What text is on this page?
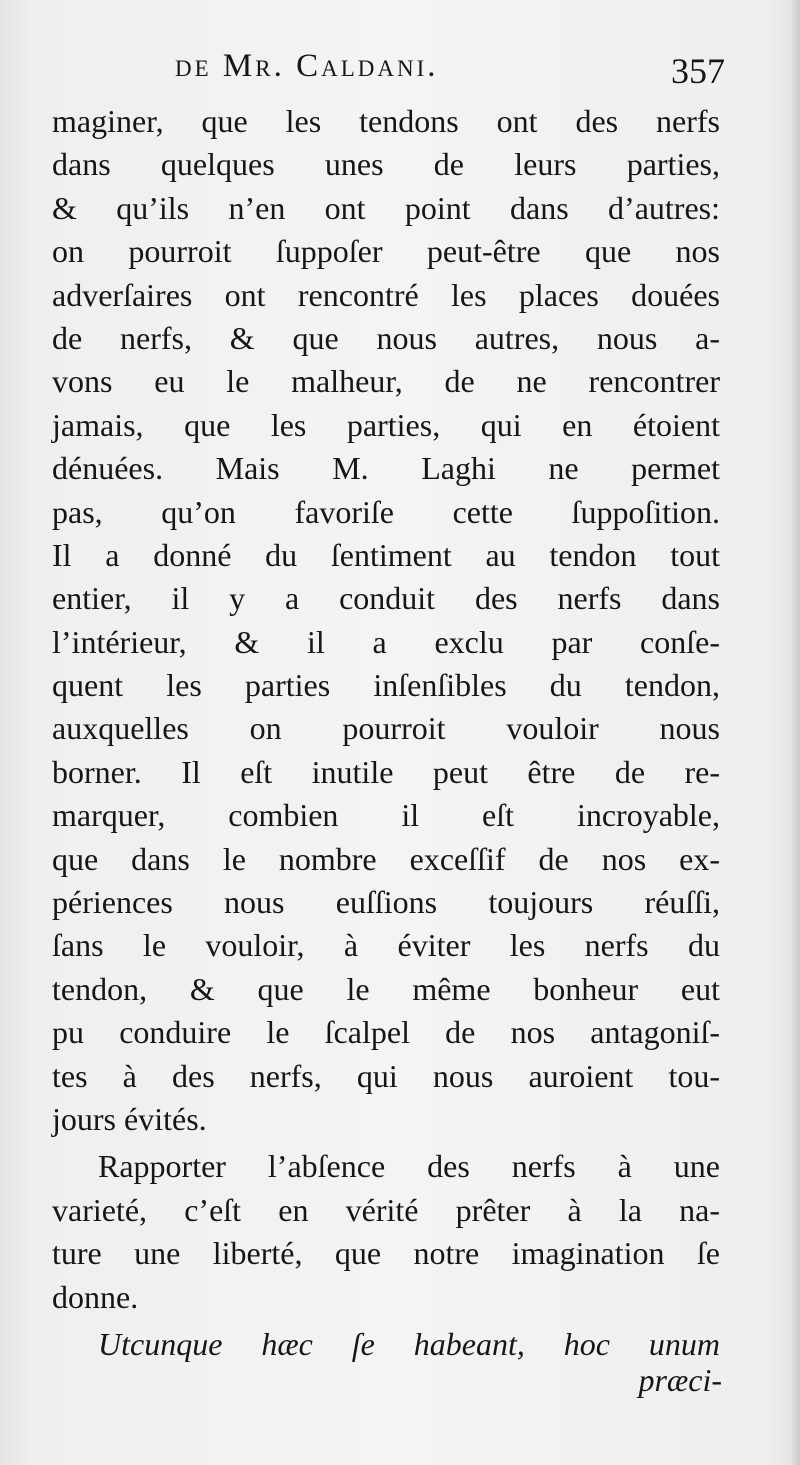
de Mr. Caldani.	357
maginer, que les tendons ont des nerfs
dans quelques unes de leurs parties,
& qu’ils n’en ont point dans d’autres:
on pourroit ſuppoſer peut-être que nos
adverſaires ont rencontré les places douées
de nerfs, & que nous autres, nous a-
vons eu le malheur, de ne rencontrer
jamais, que les parties, qui en étoient
dénuées. Mais M. Laghi ne permet
pas, qu’on favoriſe cette ſuppoſition.
Il a donné du ſentiment au tendon tout
entier, il y a conduit des nerfs dans
l’intérieur, & il a exclu par conſe-
quent les parties inſenſibles du tendon,
auxquelles on pourroit vouloir nous
borner. Il eſt inutile peut être de re-
marquer, combien il eſt incroyable,
que dans le nombre exceſſif de nos ex-
périences nous euſſions toujours réuſſi,
ſans le vouloir, à éviter les nerfs du
tendon, & que le même bonheur eut
pu conduire le ſcalpel de nos antagoniſ-
tes à des nerfs, qui nous auroient tou-
jours évités.
Rapporter l’abſence des nerfs à une
varieté, c’eſt en vérité prêter à la na-
ture une liberté, que notre imagination ſe
donne.
Utcunque hæc ſe habeant, hoc unum
præci-
